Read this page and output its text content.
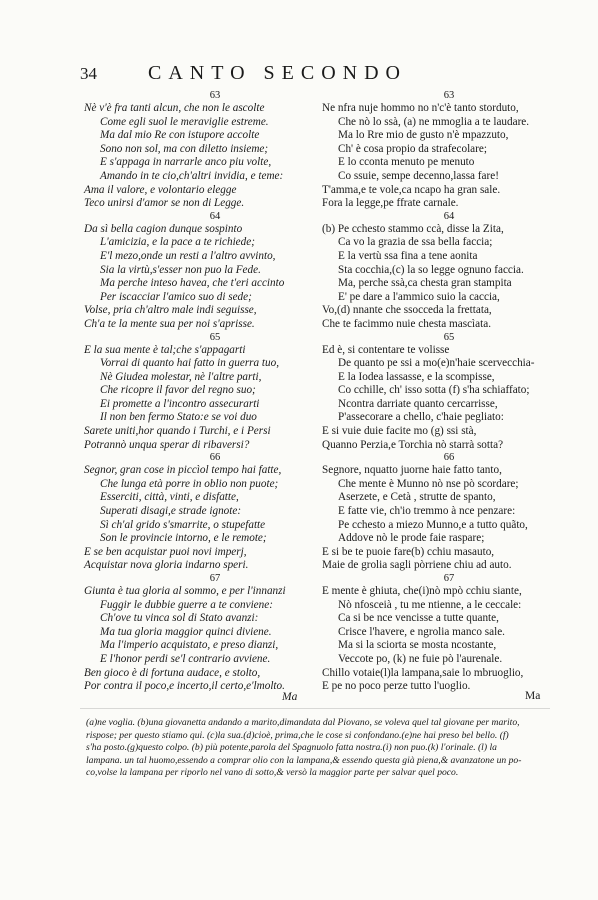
34	CANTO SECONDO
63
Nè v'è fra tanti alcun, che non le ascolte
Come egli suol le meraviglie estreme.
Ma dal mio Re con istupore accolte
Sono non sol, ma con diletto insieme;
E s'appaga in narrarle anco piu volte,
Amando in te cio,ch'altri invidia, e teme:
Ama il valore, e volontario elegge
Teco unirsi d'amor se non di Legge.
64
Da sì bella cagion dunque sospinto
L'amicizia, e la pace a te richiede;
E'l mezo,onde un resti a l'altro avvinto,
Sia la virtù,s'esser non puo la Fede.
Ma perche inteso havea, che t'eri accinto
Per iscacciar l'amico suo di sede;
Volse, pria ch'altro male indi seguisse,
Ch'a te la mente sua per noi s'aprisse.
65
E la sua mente è tal;che s'appagarti
Vorrai di quanto hai fatto in guerra tuo,
Nè Giudea molestar, nè l'altre parti,
Che ricopre il favor del regno suo;
Ei promette a l'incontro assecurarti
Il non ben fermo Stato:e se voi duo
Sarete uniti,hor quando i Turchi, e i Persi
Potrannò unqua sperar di ribaversi?
66
Segnor, gran cose in piccìol tempo hai fatte,
Che lunga età porre in oblio non puote;
Esserciti, città, vinti, e disfatte,
Superati disagi,e strade ignote:
Sì ch'al grido s'smarrite, o stupefatte
Son le provincie intorno, e le remote;
E se ben acquistar puoi novi imperj,
Acquistar nova gloria indarno speri.
67
Giunta è tua gloria al sommo, e per l'innanzi
Fuggir le dubbie guerre a te conviene:
Ch'ove tu vinca sol di Stato avanzi:
Ma tua gloria maggior quinci diviene.
Ma l'imperio acquistato, e preso dianzi,
E l'honor perdi se'l contrario avviene.
Ben gioco è di fortuna audace, e stolto,
Por contra il poco,e incerto,il certo,e'lmolto.
63
Ne nfra nuje hommo no n'c'è tanto storduto,
Che nò lo ssà, (a) ne mmoglia a te laudare.
Ma lo Rre mio de gusto n'è mpazzuto,
Ch' è cosa propio da strafecolare;
E lo cconta menuto pe menuto
Co ssuie, sempe decenno,lassa fare!
T'amma,e te vole,ca ncapo ha gran sale.
Fora la legge,pe ffrate carnale.
64
(b) Pe cchesto stammo ccà, disse la Zita,
Ca vo la grazia de ssa bella faccia;
E la vertù ssa fina a tene aonita
Sta cocchia,(c) la so legge ognuno faccia.
Ma, perche ssà,ca chesta gran stampita
E' pe dare a l'ammico suio la caccia,
Vo,(d) nnante che ssocceda la frettata,
Che te facimmo nuie chesta mascìata.
65
Ed è, si contentare te volisse
De quanto pe ssi a mo(e)n'haie scervecchia-
E la Iodea lassasse, e la scompisse,
Co cchille, ch' isso sotta (f) s'ha schiaffato;
Ncontra darriate quanto cercarrisse,
P'assecorare a chello, c'haie pegliato:
E si vuie duie facite mo (g) ssi stà,
Quanno Perzia,e Torchia nò starrà sotta?
66
Segnore, nquatto juorne haie fatto tanto,
Che mente è Munno nò nse pò scordare;
Aserzete, e Cetà , strutte de spanto,
E fatte vie, ch'io tremmo à nce penzare:
Pe cchesto a miezo Munno,e a tutto quãto,
Addove nò le prode faie raspare;
E si be te puoie fare(b) cchiu masauto,
Maie de grolia sagli pòrriene chiu ad auto.
67
E mente è ghiuta, che(i)nò mpò cchiu siante,
Nò nfosceià , tu me ntienne, a le ceccale:
Ca si be nce vencisse a tutte quante,
Crisce l'havere, e ngrolia manco sale.
Ma si la sciorta se mosta ncostante,
Veccote po, (k) ne fuie pò l'aurenale.
Chillo votaie(l)la lampana,saie lo mbruoglio,
E pe no poco perze tutto l'uoglio.
Ma	Ma
(a)ne voglia. (b)una giovanetta andando a marito,dimandata dal Piovano, se voleva quel tal giovane per marito,
rispose; per questo stiamo qui. (c)la sua.(d)cioè, prima,che le cose si confondano.(e)ne hai preso bel bello. (f)
s'ha posto.(g)questo colpo. (b) più potente,parola del Spagnuolo fatta nostra.(i) non puo.(k) l'orinale. (l) la
lampana. un tal huomo,essendo a comprar olio con la lampana,& essendo questa già piena,& avanzatone un po-
co,volse la lampana per riporlo nel vano di sotto,& versò la maggior parte per salvar quel poco.
